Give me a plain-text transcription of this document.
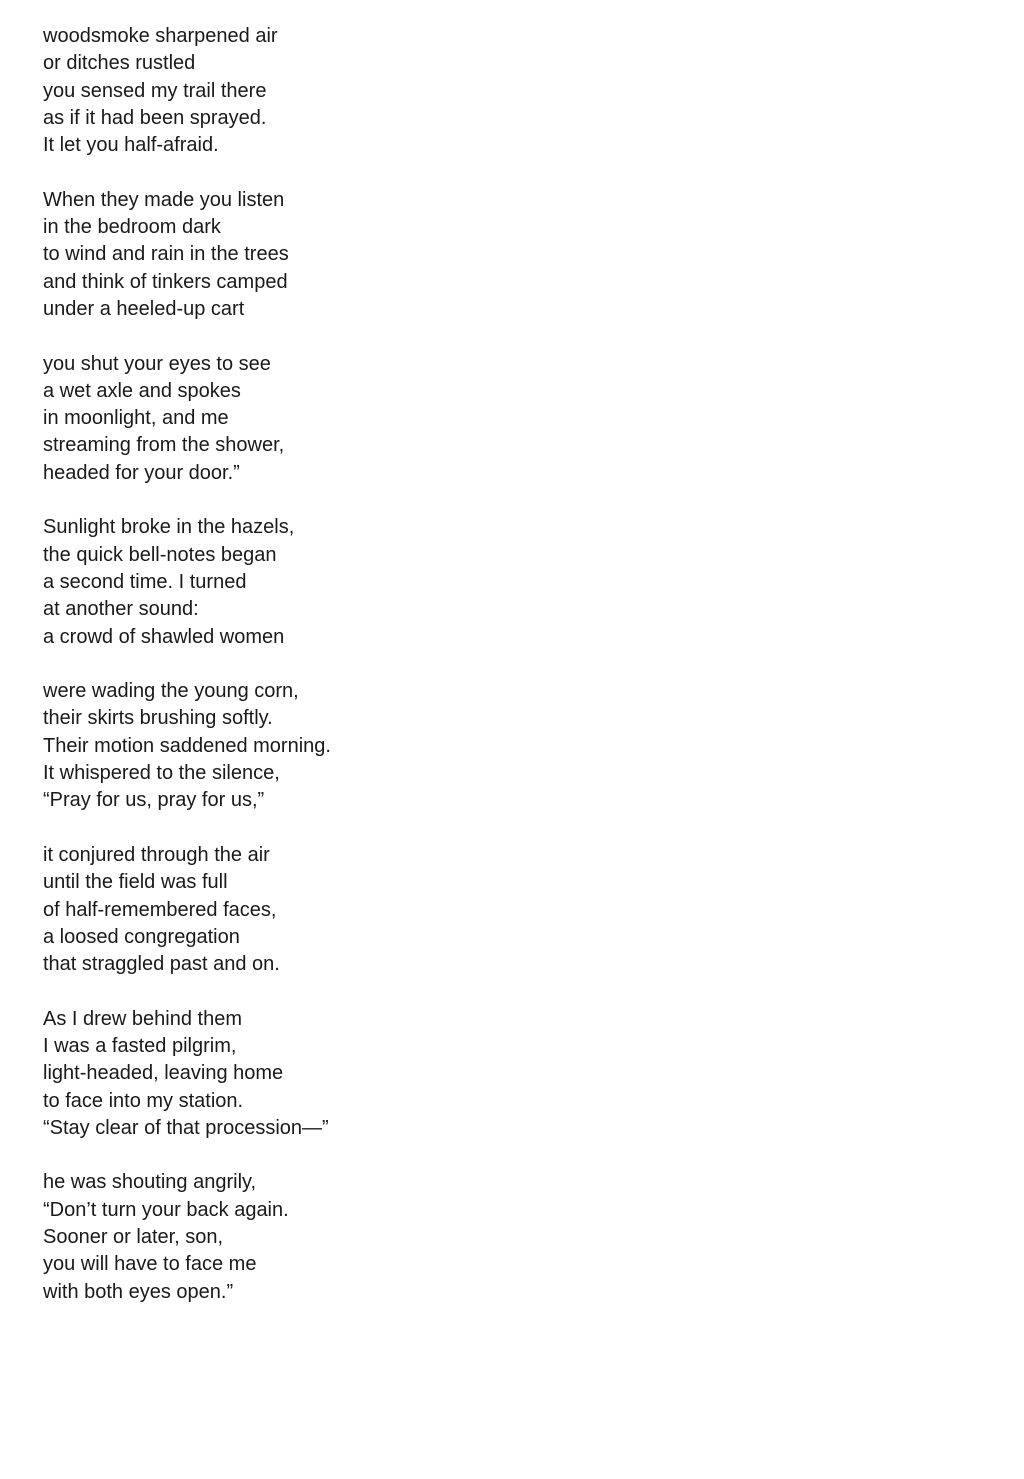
woodsmoke sharpened air
or ditches rustled
you sensed my trail there
as if it had been sprayed.
It let you half-afraid.
When they made you listen
in the bedroom dark
to wind and rain in the trees
and think of tinkers camped
under a heeled-up cart
you shut your eyes to see
a wet axle and spokes
in moonlight, and me
streaming from the shower,
headed for your door.”
Sunlight broke in the hazels,
the quick bell-notes began
a second time. I turned
at another sound:
a crowd of shawled women
were wading the young corn,
their skirts brushing softly.
Their motion saddened morning.
It whispered to the silence,
“Pray for us, pray for us,”
it conjured through the air
until the field was full
of half-remembered faces,
a loosed congregation
that straggled past and on.
As I drew behind them
I was a fasted pilgrim,
light-headed, leaving home
to face into my station.
“Stay clear of that procession—”
he was shouting angrily,
“Don’t turn your back again.
Sooner or later, son,
you will have to face me
with both eyes open.”
